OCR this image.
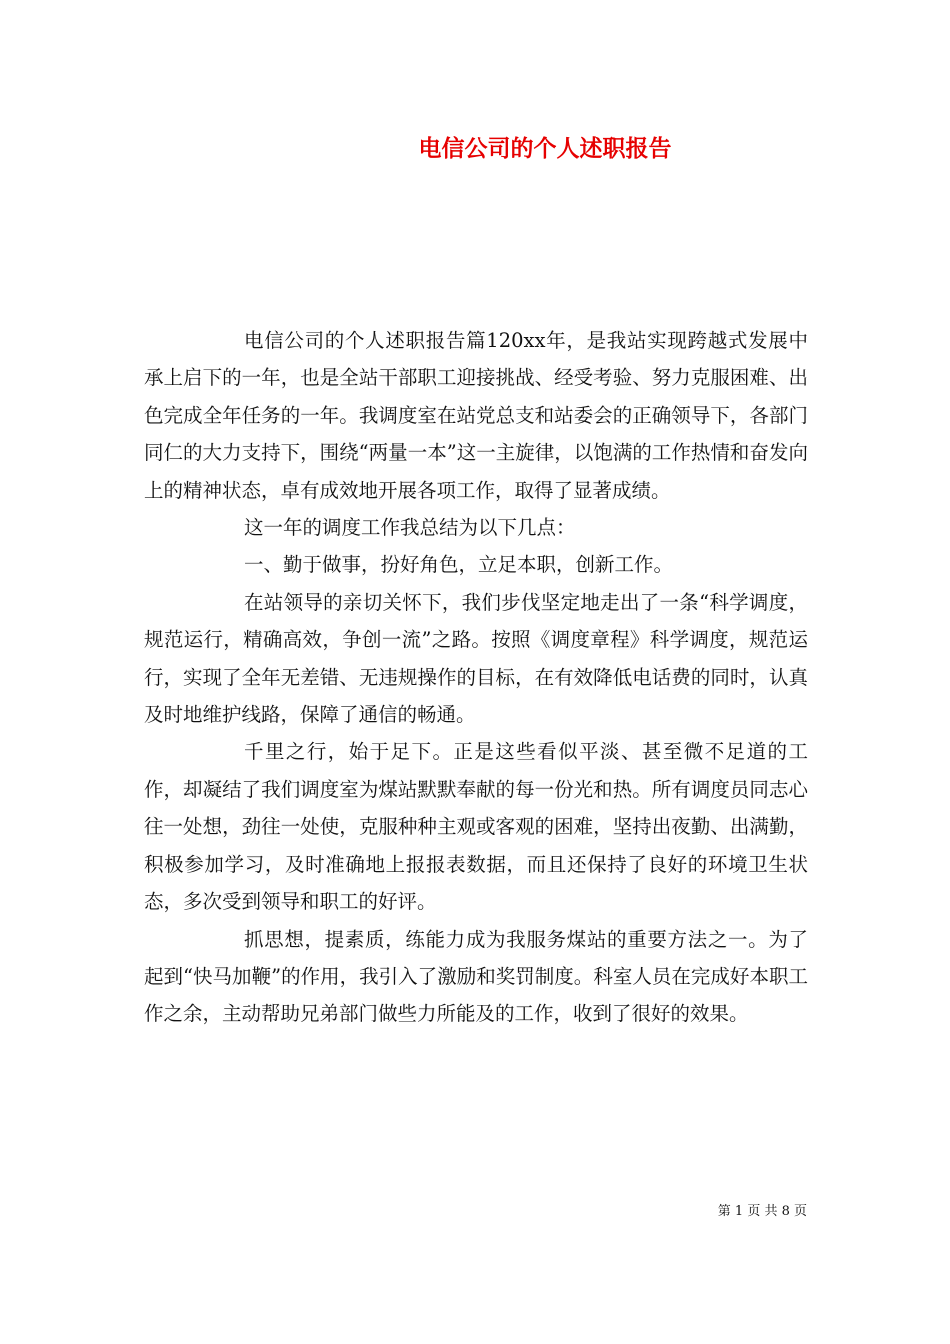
电信公司的个人述职报告

电信公司的个人述职报告篇120xx年，是我站实现跨越式发展中承上启下的一年，也是全站干部职工迎接挑战、经受考验、努力克服困难、出色完成全年任务的一年。我调度室在站党总支和站委会的正确领导下，各部门同仁的大力支持下，围绕“两量一本”这一主旋律，以饱满的工作热情和奋发向上的精神状态，卓有成效地开展各项工作，取得了显著成绩。

这一年的调度工作我总结为以下几点：

一、勤于做事，扮好角色，立足本职，创新工作。

在站领导的亲切关怀下，我们步伐坚定地走出了一条“科学调度，规范运行，精确高效，争创一流”之路。按照《调度章程》科学调度，规范运行，实现了全年无差错、无违规操作的目标，在有效降低电话费的同时，认真及时地维护线路，保障了通信的畅通。

千里之行，始于足下。正是这些看似平淡、甚至微不足道的工作，却凝结了我们调度室为煤站默默奉献的每一份光和热。所有调度员同志心往一处想，劲往一处使，克服种种主观或客观的困难，坚持出夜勤、出满勤，积极参加学习，及时准确地上报报表数据，而且还保持了良好的环境卫生状态，多次受到领导和职工的好评。

抓思想，提素质，练能力成为我服务煤站的重要方法之一。为了起到“快马加鞭”的作用，我引入了激励和奖罚制度。科室人员在完成好本职工作之余，主动帮助兄弟部门做些力所能及的工作，收到了很好的效果。

第 1 页 共 8 页
